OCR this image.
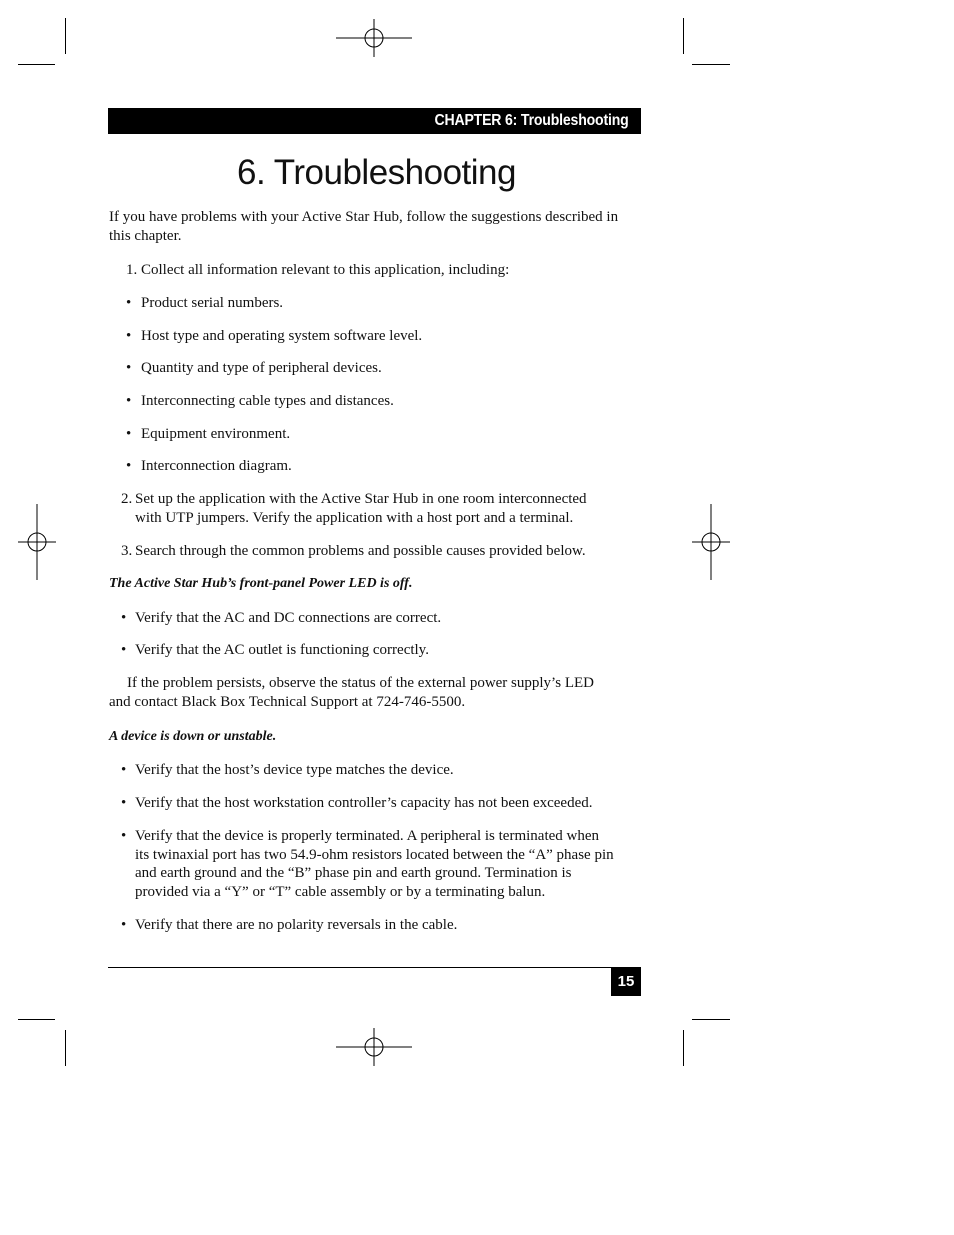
CHAPTER 6: Troubleshooting
6. Troubleshooting
If you have problems with your Active Star Hub, follow the suggestions described in
this chapter.
1. Collect all information relevant to this application, including:
• Product serial numbers.
• Host type and operating system software level.
• Quantity and type of peripheral devices.
• Interconnecting cable types and distances.
• Equipment environment.
• Interconnection diagram.
2. Set up the application with the Active Star Hub in one room interconnected
with UTP jumpers. Verify the application with a host port and a terminal.
3. Search through the common problems and possible causes provided below.
The Active Star Hub’s front-panel Power LED is off.
• Verify that the AC and DC connections are correct.
• Verify that the AC outlet is functioning correctly.
If the problem persists, observe the status of the external power supply’s LED
and contact Black Box Technical Support at 724-746-5500.
A device is down or unstable.
• Verify that the host’s device type matches the device.
• Verify that the host workstation controller’s capacity has not been exceeded.
• Verify that the device is properly terminated. A peripheral is terminated when
its twinaxial port has two 54.9-ohm resistors located between the “A” phase pin
and earth ground and the “B” phase pin and earth ground. Termination is
provided via a “Y” or “T” cable assembly or by a terminating balun.
• Verify that there are no polarity reversals in the cable.
15
